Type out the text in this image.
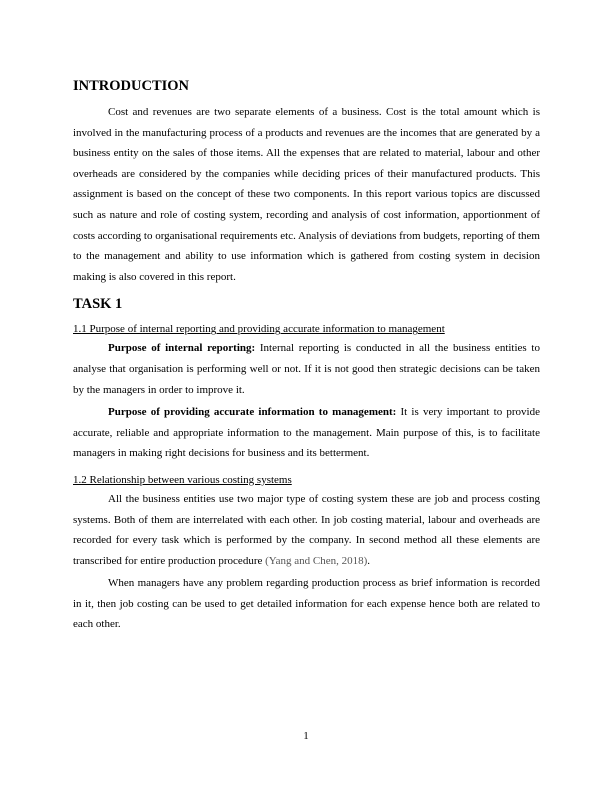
INTRODUCTION

Cost and revenues are two separate elements of a business. Cost is the total amount which is involved in the manufacturing process of a products and revenues are the incomes that are generated by a business entity on the sales of those items. All the expenses that are related to material, labour and other overheads are considered by the companies while deciding prices of their manufactured products. This assignment is based on the concept of these two components. In this report various topics are discussed such as nature and role of costing system, recording and analysis of cost information, apportionment of costs according to organisational requirements etc. Analysis of deviations from budgets, reporting of them to the management and ability to use information which is gathered from costing system in decision making is also covered in this report.

TASK 1

1.1 Purpose of internal reporting and providing accurate information to management

Purpose of internal reporting: Internal reporting is conducted in all the business entities to analyse that organisation is performing well or not. If it is not good then strategic decisions can be taken by the managers in order to improve it.

Purpose of providing accurate information to management: It is very important to provide accurate, reliable and appropriate information to the management. Main purpose of this, is to facilitate managers in making right decisions for business and its betterment.

1.2 Relationship between various costing systems

All the business entities use two major type of costing system these are job and process costing systems. Both of them are interrelated with each other. In job costing material, labour and overheads are recorded for every task which is performed by the company. In second method all these elements are transcribed for entire production procedure (Yang and Chen, 2018).

When managers have any problem regarding production process as brief information is recorded in it, then job costing can be used to get detailed information for each expense hence both are related to each other.

1
